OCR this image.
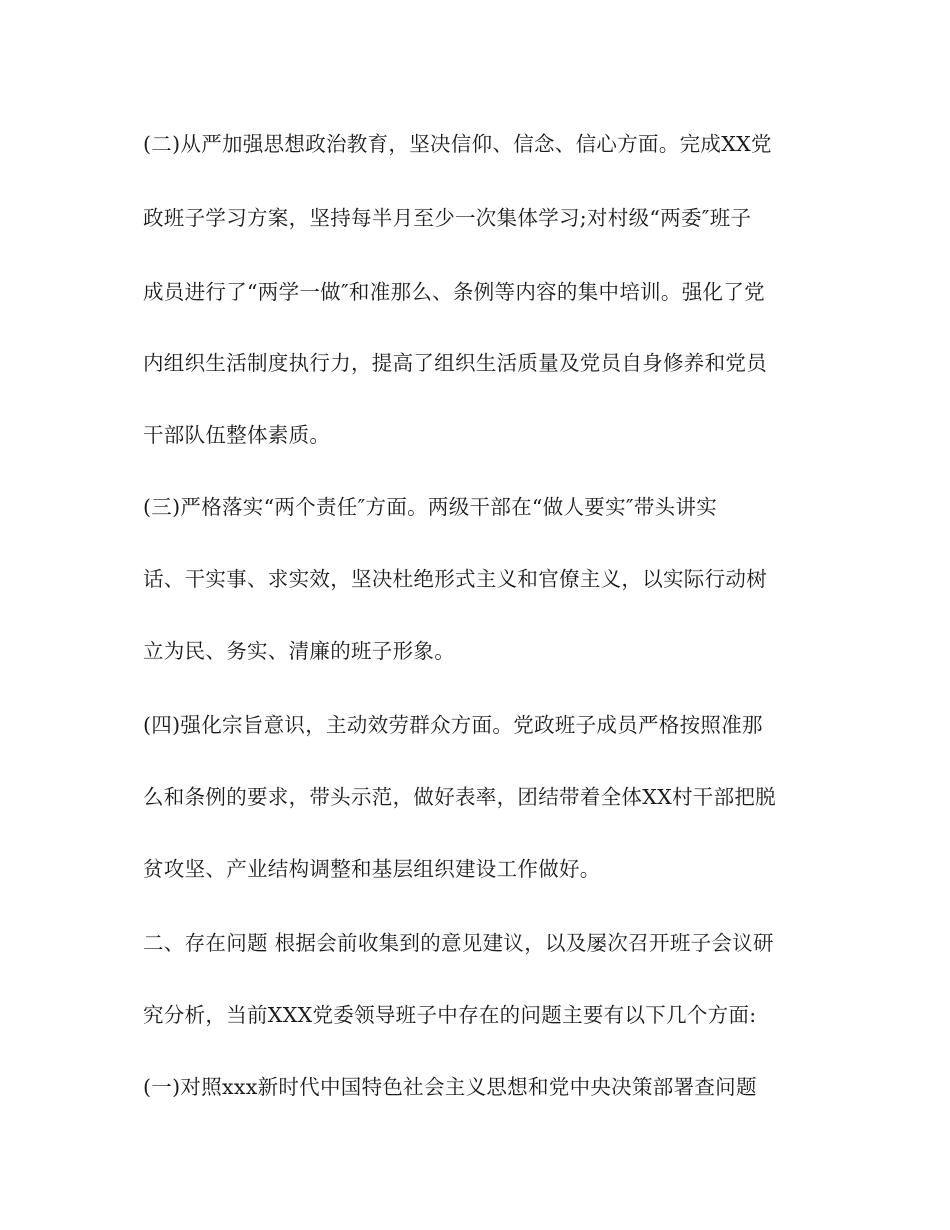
(二)从严加强思想政治教育，坚决信仰、信念、信心方面。完成XX党

政班子学习方案，坚持每半月至少一次集体学习;对村级“两委″班子

成员进行了“两学一做″和准那么、条例等内容的集中培训。强化了党

内组织生活制度执行力，提高了组织生活质量及党员自身修养和党员

干部队伍整体素质。

(三)严格落实“两个责任″方面。两级干部在“做人要实″带头讲实

话、干实事、求实效，坚决杜绝形式主义和官僚主义，以实际行动树

立为民、务实、清廉的班子形象。

(四)强化宗旨意识，主动效劳群众方面。党政班子成员严格按照准那

么和条例的要求，带头示范，做好表率，团结带着全体XX村干部把脱

贫攻坚、产业结构调整和基层组织建设工作做好。

二、存在问题 根据会前收集到的意见建议，以及屡次召开班子会议研

究分析，当前XXX党委领导班子中存在的问题主要有以下几个方面:

(一)对照xxx新时代中国特色社会主义思想和党中央决策部署查问题
